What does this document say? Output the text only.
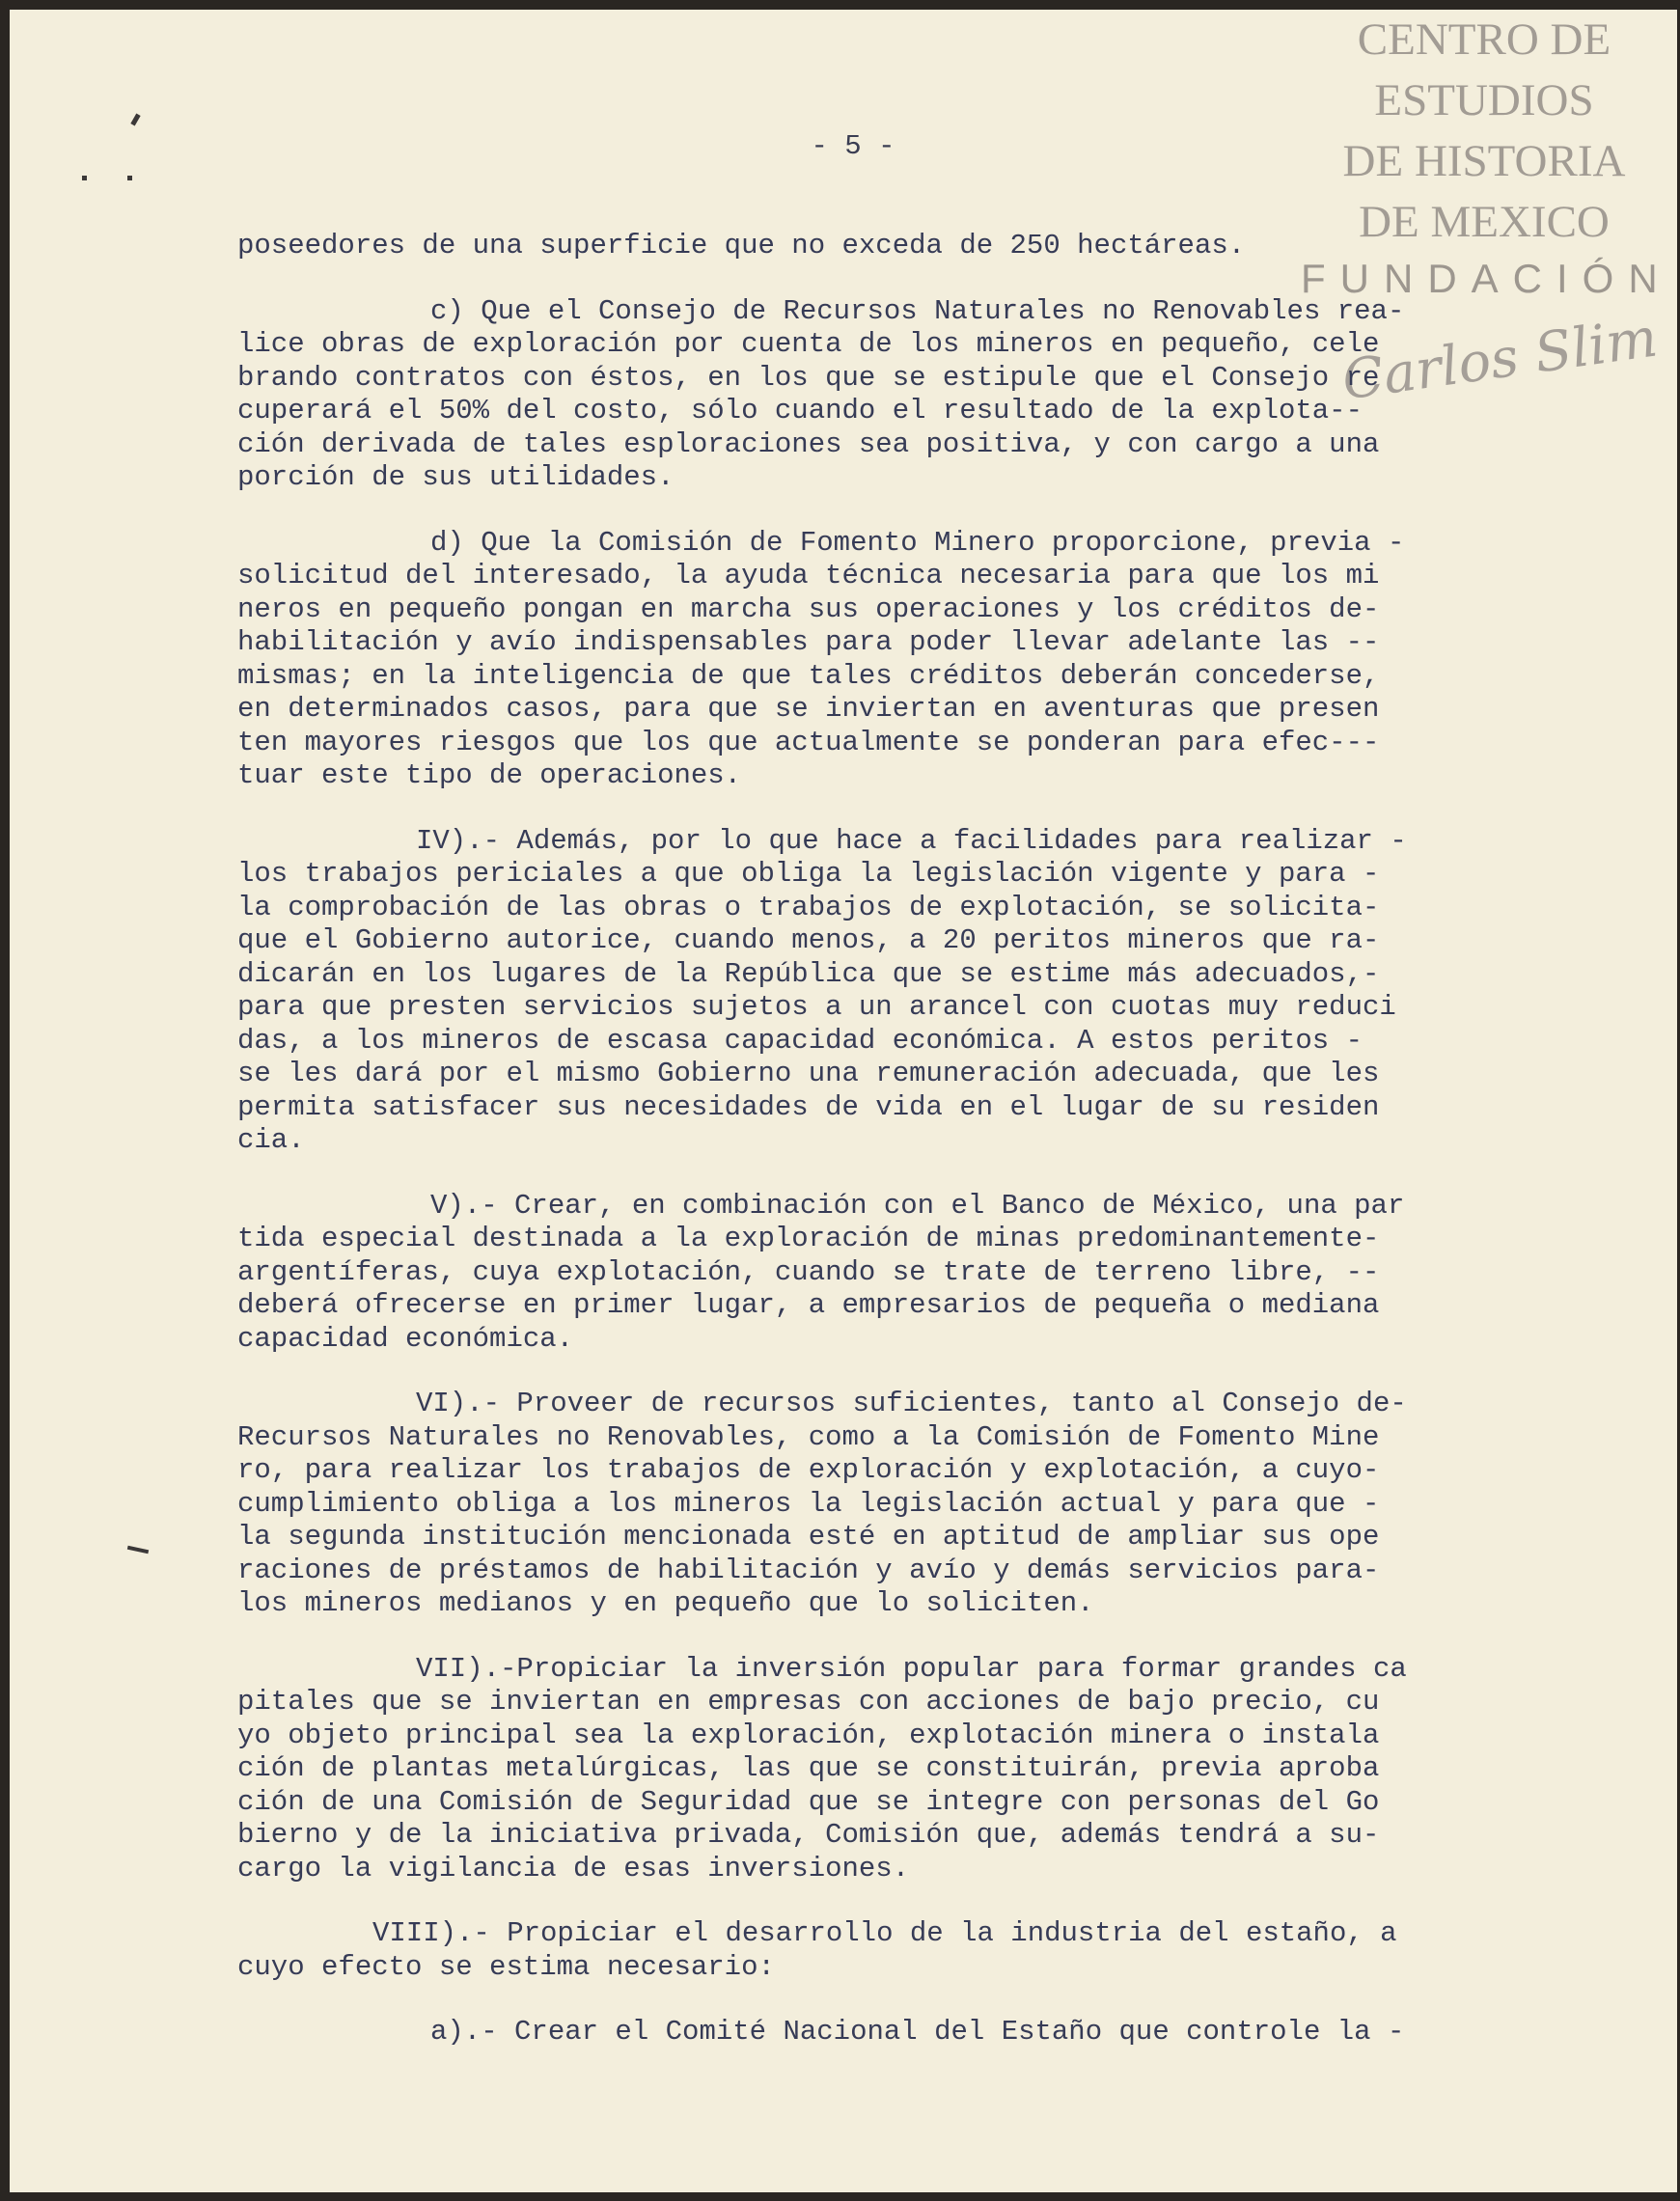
CENTRO DE
ESTUDIOS
DE HISTORIA
DE MEXICO
FUNDACIÓN
Carlos Slim
- 5 -
poseedores de una superficie que no exceda de 250 hectáreas.
c) Que el Consejo de Recursos Naturales no Renovables rea-
lice obras de exploración por cuenta de los mineros en pequeño, cele
brando contratos con éstos, en los que se estipule que el Consejo re
cuperará el 50% del costo, sólo cuando el resultado de la explota--
ción derivada de tales esploraciones sea positiva, y con cargo a una
porción de sus utilidades.
d) Que la Comisión de Fomento Minero proporcione, previa -
solicitud del interesado, la ayuda técnica necesaria para que los mi
neros en pequeño pongan en marcha sus operaciones y los créditos de-
habilitación y avío indispensables para poder llevar adelante las --
mismas; en la inteligencia de que tales créditos deberán concederse,
en determinados casos, para que se inviertan en aventuras que presen
ten mayores riesgos que los que actualmente se ponderan para efec---
tuar este tipo de operaciones.
IV).- Además, por lo que hace a facilidades para realizar -
los trabajos periciales a que obliga la legislación vigente y para -
la comprobación de las obras o trabajos de explotación, se solicita-
que el Gobierno autorice, cuando menos, a 20 peritos mineros que ra-
dicarán en los lugares de la República que se estime más adecuados,-
para que presten servicios sujetos a un arancel con cuotas muy reduci
das, a los mineros de escasa capacidad económica. A estos peritos -
se les dará por el mismo Gobierno una remuneración adecuada, que les
permita satisfacer sus necesidades de vida en el lugar de su residen
cia.
V).- Crear, en combinación con el Banco de México, una par
tida especial destinada a la exploración de minas predominantemente-
argentíferas, cuya explotación, cuando se trate de terreno libre, --
deberá ofrecerse en primer lugar, a empresarios de pequeña o mediana
capacidad económica.
VI).- Proveer de recursos suficientes, tanto al Consejo de-
Recursos Naturales no Renovables, como a la Comisión de Fomento Mine
ro, para realizar los trabajos de exploración y explotación, a cuyo-
cumplimiento obliga a los mineros la legislación actual y para que -
la segunda institución mencionada esté en aptitud de ampliar sus ope
raciones de préstamos de habilitación y avío y demás servicios para-
los mineros medianos y en pequeño que lo soliciten.
VII).-Propiciar la inversión popular para formar grandes ca
pitales que se inviertan en empresas con acciones de bajo precio, cu
yo objeto principal sea la exploración, explotación minera o instala
ción de plantas metalúrgicas, las que se constituirán, previa aproba
ción de una Comisión de Seguridad que se integre con personas del Go
bierno y de la iniciativa privada, Comisión que, además tendrá a su-
cargo la vigilancia de esas inversiones.
VIII).- Propiciar el desarrollo de la industria del estaño, a
cuyo efecto se estima necesario:
a).- Crear el Comité Nacional del Estaño que controle la -
